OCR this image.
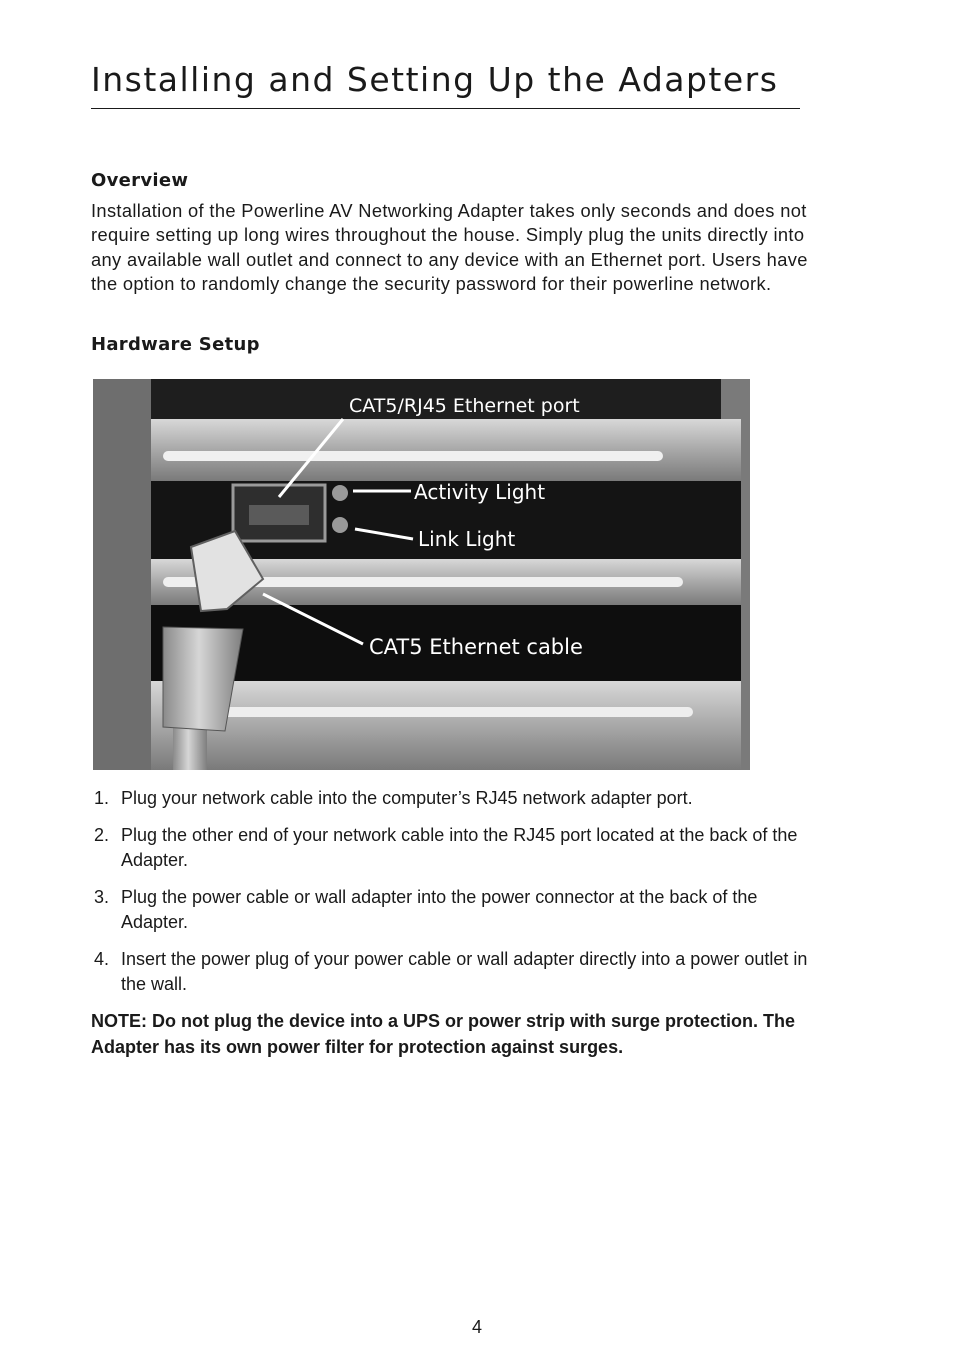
Installing and Setting Up the Adapters
Overview

Installation of the Powerline AV Networking Adapter takes only seconds and does not require setting up long wires throughout the house. Simply plug the units directly into any available wall outlet and connect to any device with an Ethernet port. Users have the option to randomly change the security password for their powerline network.

Hardware Setup
CAT5/RJ45 Ethernet port
Activity Light
Link Light
CAT5 Ethernet cable
1. Plug your network cable into the computer’s RJ45 network adapter port.
2. Plug the other end of your network cable into the RJ45 port located at the back of the Adapter.
3. Plug the power cable or wall adapter into the power connector at the back of the Adapter.
4. Insert the power plug of your power cable or wall adapter directly into a power outlet in the wall.

NOTE: Do not plug the device into a UPS or power strip with surge protection. The Adapter has its own power filter for protection against surges.

4
